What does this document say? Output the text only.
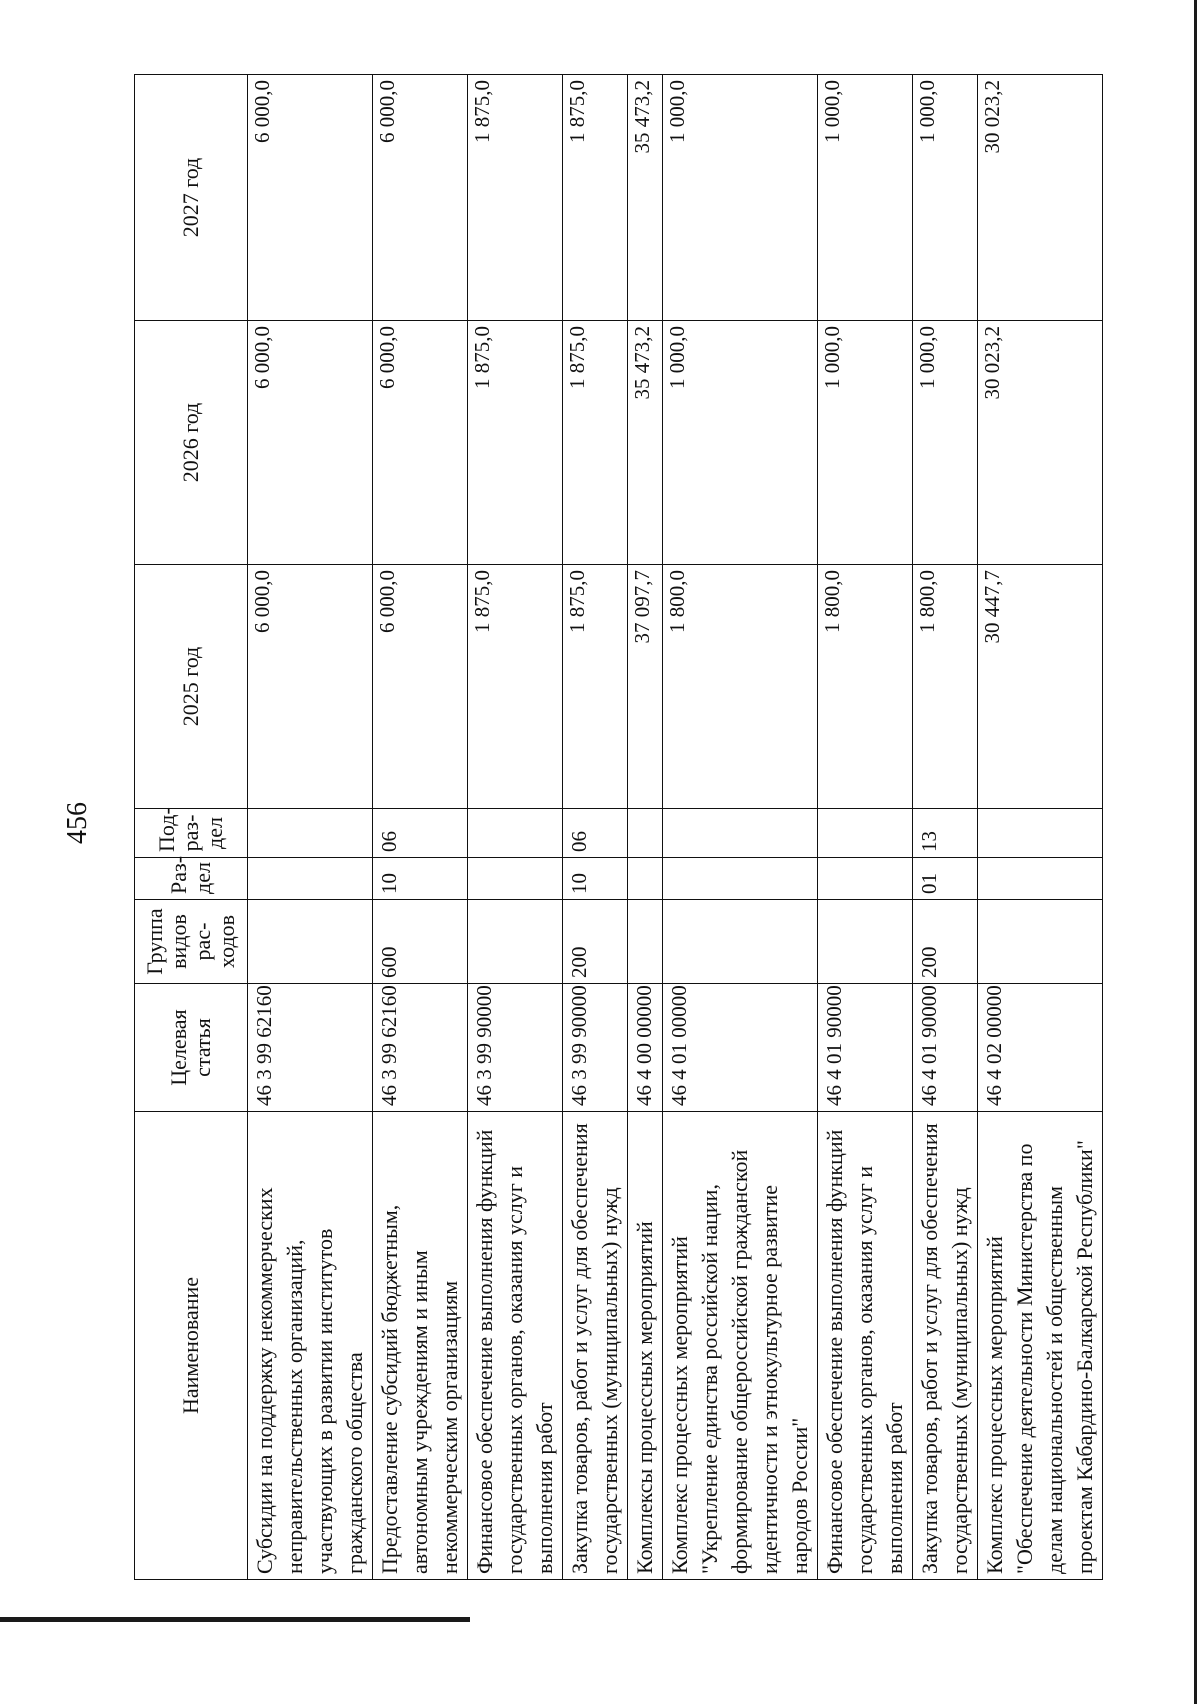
456
Наименование	Целевая статья	Группа видов рас- ходов	Раз- дел	Под- раз- дел	2025 год	2026 год	2027 год
Субсидии на поддержку некоммерческих неправительственных организаций, участвующих в развитии институтов гражданского общества	46 3 99 62160				6 000,0	6 000,0	6 000,0
Предоставление субсидий бюджетным, автономным учреждениям и иным некоммерческим организациям	46 3 99 62160	600	10	06	6 000,0	6 000,0	6 000,0
Финансовое обеспечение выполнения функций государственных органов, оказания услуг и выполнения работ	46 3 99 90000				1 875,0	1 875,0	1 875,0
Закупка товаров, работ и услуг для обеспечения государственных (муниципальных) нужд	46 3 99 90000	200	10	06	1 875,0	1 875,0	1 875,0
Комплексы процессных мероприятий	46 4 00 00000				37 097,7	35 473,2	35 473,2
Комплекс процессных мероприятий "Укрепление единства российской нации, формирование общероссийской гражданской идентичности и этнокультурное развитие народов России"	46 4 01 00000				1 800,0	1 000,0	1 000,0
Финансовое обеспечение выполнения функций государственных органов, оказания услуг и выполнения работ	46 4 01 90000				1 800,0	1 000,0	1 000,0
Закупка товаров, работ и услуг для обеспечения государственных (муниципальных) нужд	46 4 01 90000	200	01	13	1 800,0	1 000,0	1 000,0
Комплекс процессных мероприятий "Обеспечение деятельности Министерства по делам национальностей и общественным проектам Кабардино-Балкарской Республики"	46 4 02 00000				30 447,7	30 023,2	30 023,2
